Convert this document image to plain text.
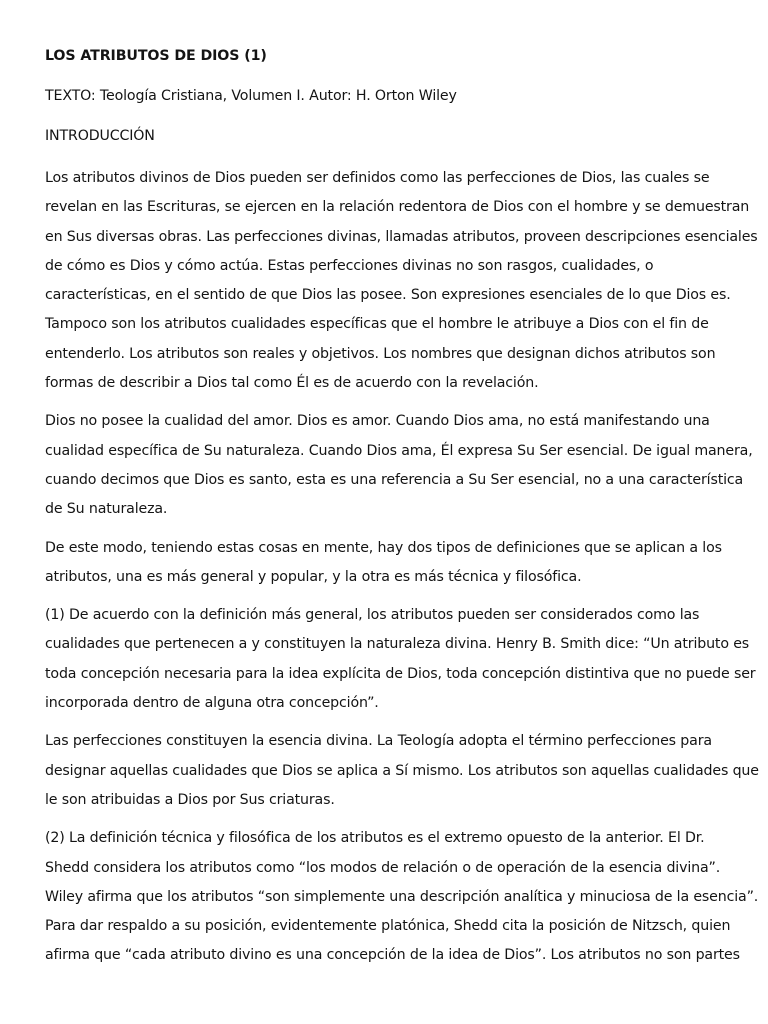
LOS ATRIBUTOS DE DIOS (1)
TEXTO: Teología Cristiana, Volumen I. Autor: H. Orton Wiley
INTRODUCCIÓN
Los atributos divinos de Dios pueden ser definidos como las perfecciones de Dios, las cuales se
revelan en las Escrituras, se ejercen en la relación redentora de Dios con el hombre y se demuestran
en Sus diversas obras. Las perfecciones divinas, llamadas atributos, proveen descripciones esenciales
de cómo es Dios y cómo actúa. Estas perfecciones divinas no son rasgos, cualidades, o
características, en el sentido de que Dios las posee. Son expresiones esenciales de lo que Dios es.
Tampoco son los atributos cualidades específicas que el hombre le atribuye a Dios con el fin de
entenderlo. Los atributos son reales y objetivos. Los nombres que designan dichos atributos son
formas de describir a Dios tal como Él es de acuerdo con la revelación.
Dios no posee la cualidad del amor. Dios es amor. Cuando Dios ama, no está manifestando una
cualidad específica de Su naturaleza. Cuando Dios ama, Él expresa Su Ser esencial. De igual manera,
cuando decimos que Dios es santo, esta es una referencia a Su Ser esencial, no a una característica
de Su naturaleza.
De este modo, teniendo estas cosas en mente, hay dos tipos de definiciones que se aplican a los
atributos, una es más general y popular, y la otra es más técnica y filosófica.
(1) De acuerdo con la definición más general, los atributos pueden ser considerados como las
cualidades que pertenecen a y constituyen la naturaleza divina. Henry B. Smith dice: “Un atributo es
toda concepción necesaria para la idea explícita de Dios, toda concepción distintiva que no puede ser
incorporada dentro de alguna otra concepción”.
Las perfecciones constituyen la esencia divina. La Teología adopta el término perfecciones para
designar aquellas cualidades que Dios se aplica a Sí mismo. Los atributos son aquellas cualidades que
le son atribuidas a Dios por Sus criaturas.
(2) La definición técnica y filosófica de los atributos es el extremo opuesto de la anterior. El Dr.
Shedd considera los atributos como “los modos de relación o de operación de la esencia divina”.
Wiley afirma que los atributos “son simplemente una descripción analítica y minuciosa de la esencia”.
Para dar respaldo a su posición, evidentemente platónica, Shedd cita la posición de Nitzsch, quien
afirma que “cada atributo divino es una concepción de la idea de Dios”. Los atributos no son partes
